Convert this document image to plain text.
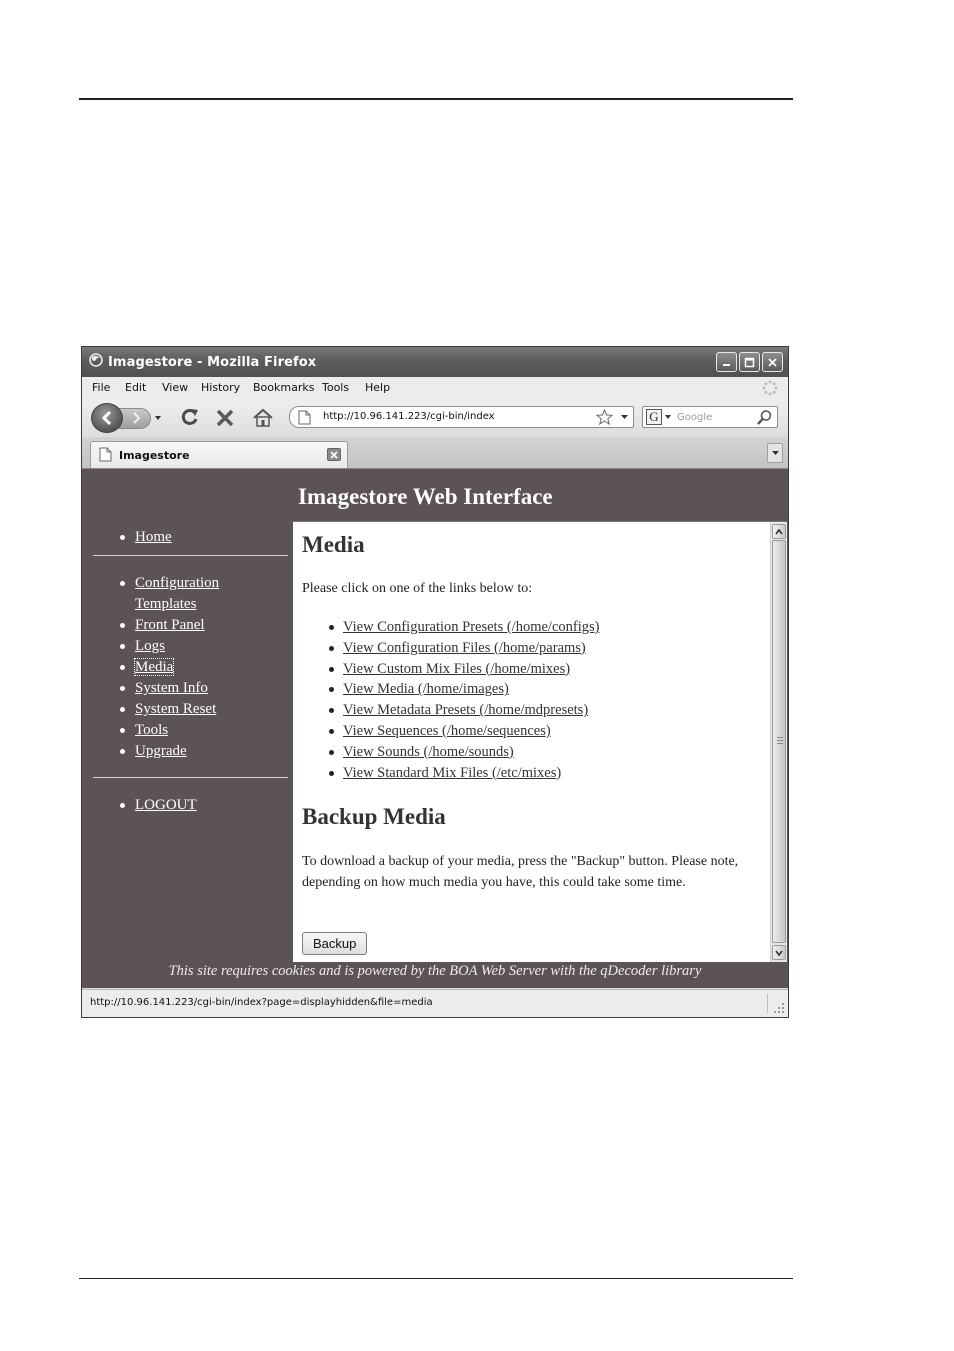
Imagestore - Mozilla Firefox
File Edit View History Bookmarks Tools Help
http://10.96.141.223/cgi-bin/index	G	Google
Imagestore
Imagestore Web Interface
Home
Configuration Templates
Front Panel
Logs
Media
System Info
System Reset
Tools
Upgrade
LOGOUT
Media

Please click on one of the links below to:

View Configuration Presets (/home/configs)
View Configuration Files (/home/params)
View Custom Mix Files (/home/mixes)
View Media (/home/images)
View Metadata Presets (/home/mdpresets)
View Sequences (/home/sequences)
View Sounds (/home/sounds)
View Standard Mix Files (/etc/mixes)
Backup Media

To download a backup of your media, press the "Backup" button. Please note, depending on how much media you have, this could take some time.

Backup
This site requires cookies and is powered by the BOA Web Server with the qDecoder library
http://10.96.141.223/cgi-bin/index?page=displayhidden&file=media
